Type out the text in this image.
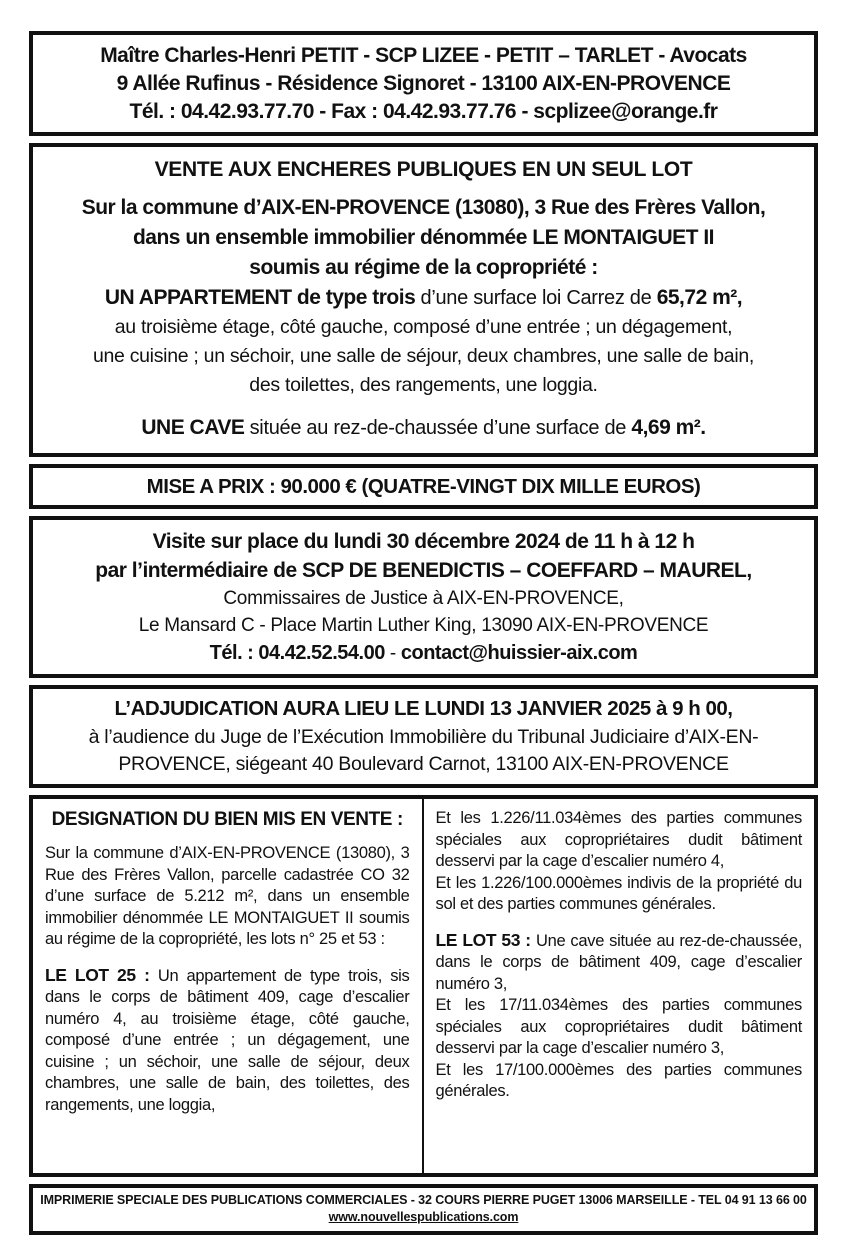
Maître Charles-Henri PETIT - SCP LIZEE - PETIT – TARLET - Avocats
9 Allée Rufinus - Résidence Signoret - 13100 AIX-EN-PROVENCE
Tél. : 04.42.93.77.70 - Fax : 04.42.93.77.76 - scplizee@orange.fr
VENTE AUX ENCHERES PUBLIQUES EN UN SEUL LOT
Sur la commune d’AIX-EN-PROVENCE (13080), 3 Rue des Frères Vallon,
dans un ensemble immobilier dénommée LE MONTAIGUET II
soumis au régime de la copropriété :
UN APPARTEMENT de type trois d’une surface loi Carrez de 65,72 m²,
au troisième étage, côté gauche, composé d’une entrée ; un dégagement,
une cuisine ; un séchoir, une salle de séjour, deux chambres, une salle de bain,
des toilettes, des rangements, une loggia.
UNE CAVE située au rez-de-chaussée d’une surface de 4,69 m².
MISE A PRIX : 90.000 € (QUATRE-VINGT DIX MILLE EUROS)
Visite sur place du lundi 30 décembre 2024 de 11 h à 12 h
par l’intermédiaire de SCP DE BENEDICTIS – COEFFARD – MAUREL,
Commissaires de Justice à AIX-EN-PROVENCE,
Le Mansard C - Place Martin Luther King, 13090 AIX-EN-PROVENCE
Tél. : 04.42.52.54.00 - contact@huissier-aix.com
L’ADJUDICATION AURA LIEU LE LUNDI 13 JANVIER 2025 à 9 h 00,
à l’audience du Juge de l’Exécution Immobilière du Tribunal Judiciaire d’AIX-EN-
PROVENCE, siégeant 40 Boulevard Carnot, 13100 AIX-EN-PROVENCE
DESIGNATION DU BIEN MIS EN VENTE :

Sur la commune d’AIX-EN-PROVENCE (13080), 3 Rue des Frères Vallon, parcelle cadastrée CO 32 d’une surface de 5.212 m², dans un ensemble immobilier dénommée LE MONTAIGUET II soumis au régime de la copropriété, les lots n° 25 et 53 :

LE LOT 25 : Un appartement de type trois, sis dans le corps de bâtiment 409, cage d’escalier numéro 4, au troisième étage, côté gauche, composé d’une entrée ; un dégagement, une cuisine ; un séchoir, une salle de séjour, deux chambres, une salle de bain, des toilettes, des rangements, une loggia,

Et les 1.226/11.034èmes des parties communes spéciales aux copropriétaires dudit bâtiment desservi par la cage d’escalier numéro 4,

Et les 1.226/100.000èmes indivis de la propriété du sol et des parties communes générales.

LE LOT 53 : Une cave située au rez-de-chaussée, dans le corps de bâtiment 409, cage d’escalier numéro 3,

Et les 17/11.034èmes des parties communes spéciales aux copropriétaires dudit bâtiment desservi par la cage d’escalier numéro 3,

Et les 17/100.000èmes des parties communes générales.

IMPRIMERIE SPECIALE DES PUBLICATIONS COMMERCIALES - 32 COURS PIERRE PUGET 13006 MARSEILLE - TEL 04 91 13 66 00
www.nouvellespublications.com
